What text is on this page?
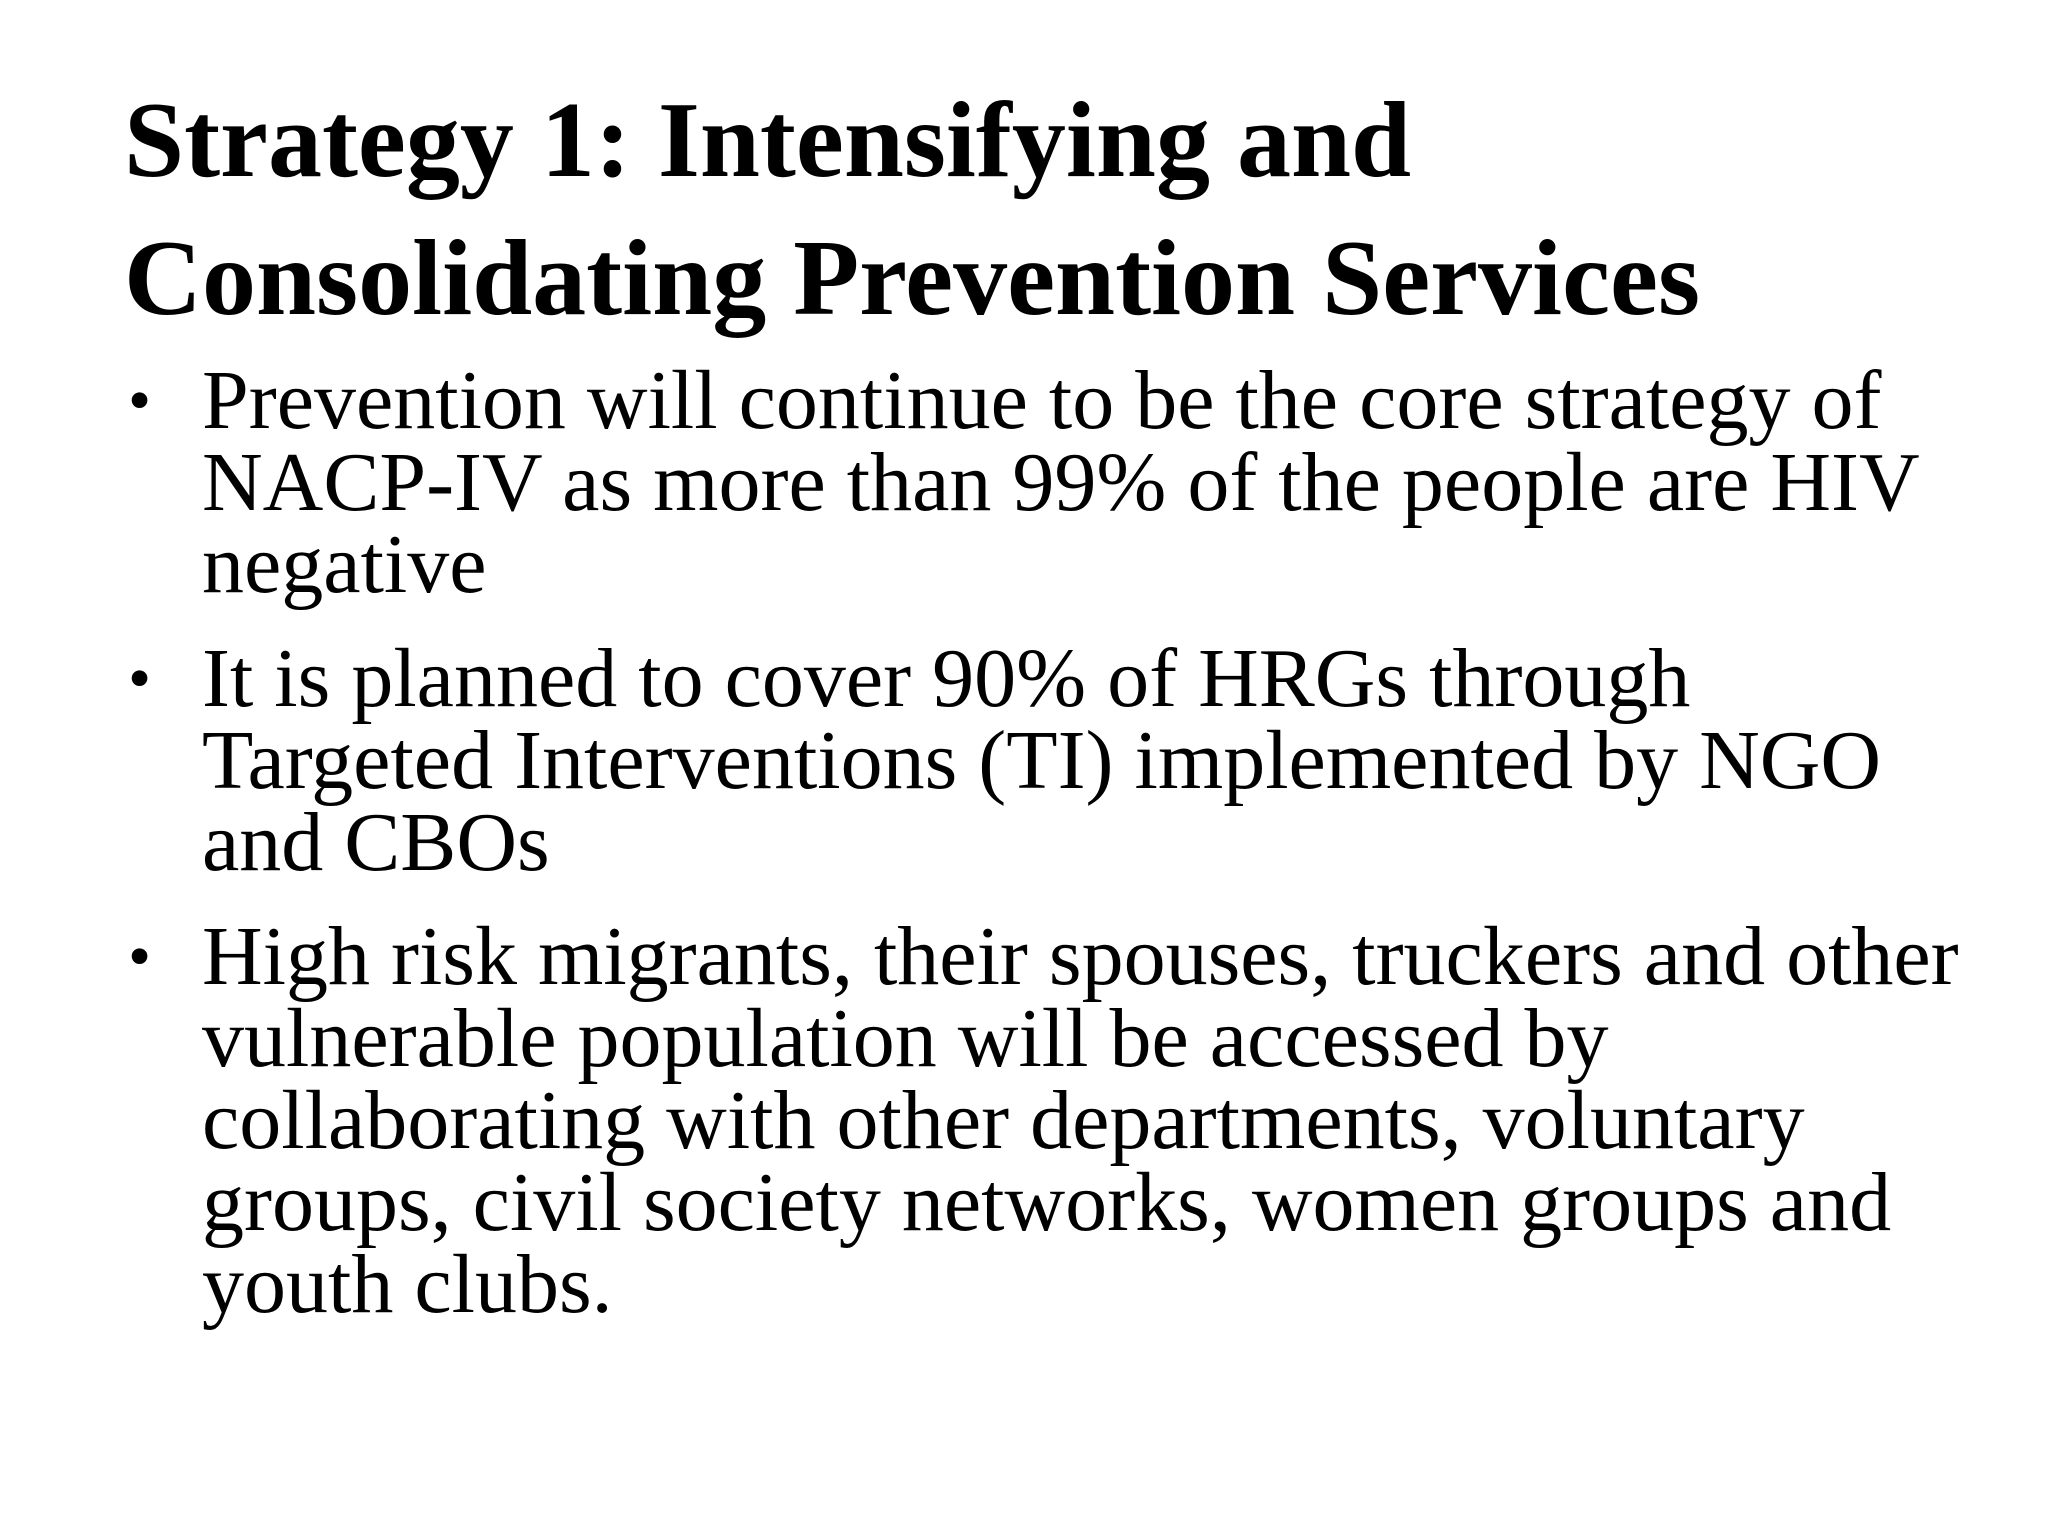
Strategy 1: Intensifying and Consolidating Prevention Services
• Prevention will continue to be the core strategy of NACP-IV as more than 99% of the people are HIV negative
• It is planned to cover 90% of HRGs through Targeted Interventions (TI) implemented by NGO and CBOs
• High risk migrants, their spouses, truckers and other vulnerable population will be accessed by collaborating with other departments, voluntary groups, civil society networks, women groups and youth clubs.
